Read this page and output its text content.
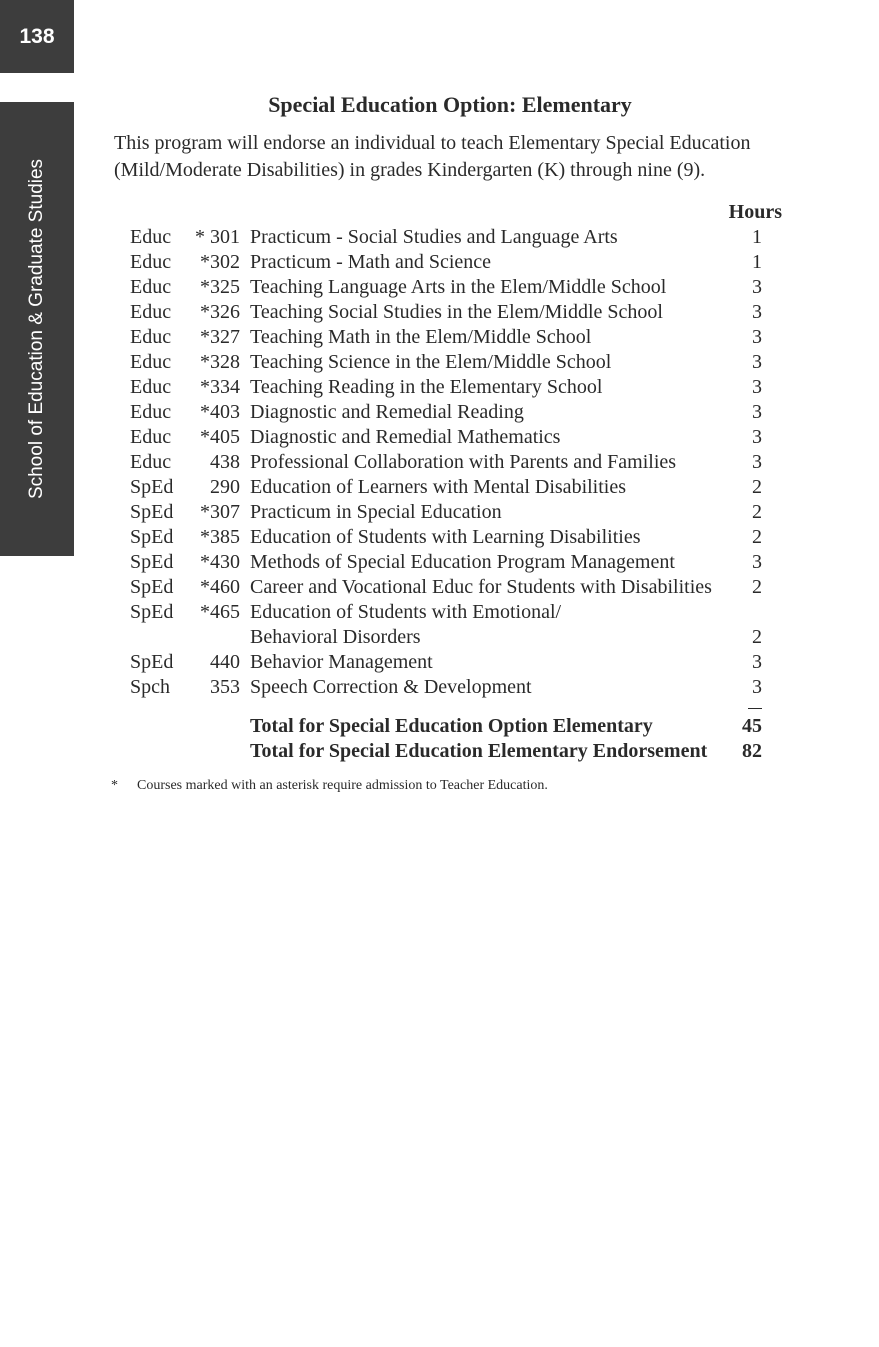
138
School of Education & Graduate Studies
Special Education Option: Elementary

This program will endorse an individual to teach Elementary Special Education (Mild/Moderate Disabilities) in grades Kindergarten (K) through nine (9).

			Hours
Educ	* 301	Practicum - Social Studies and Language Arts	1
Educ	*302	Practicum - Math and Science	1
Educ	*325	Teaching Language Arts in the Elem/Middle School	3
Educ	*326	Teaching Social Studies in the Elem/Middle School	3
Educ	*327	Teaching Math in the Elem/Middle School	3
Educ	*328	Teaching Science in the Elem/Middle School	3
Educ	*334	Teaching Reading in the Elementary School	3
Educ	*403	Diagnostic and Remedial Reading	3
Educ	*405	Diagnostic and Remedial Mathematics	3
Educ	438	Professional Collaboration with Parents and Families	3
SpEd	290	Education of Learners with Mental Disabilities	2
SpEd	*307	Practicum in Special Education	2
SpEd	*385	Education of Students with Learning Disabilities	2
SpEd	*430	Methods of Special Education Program Management	3
SpEd	*460	Career and Vocational Educ for Students with Disabilities	2
SpEd	*465	Education of Students with Emotional/	
		Behavioral Disorders	2
SpEd	440	Behavior Management	3
Spch	353	Speech Correction & Development	3

		Total for Special Education Option Elementary	45
		Total for Special Education Elementary Endorsement	82

* Courses marked with an asterisk require admission to Teacher Education.
